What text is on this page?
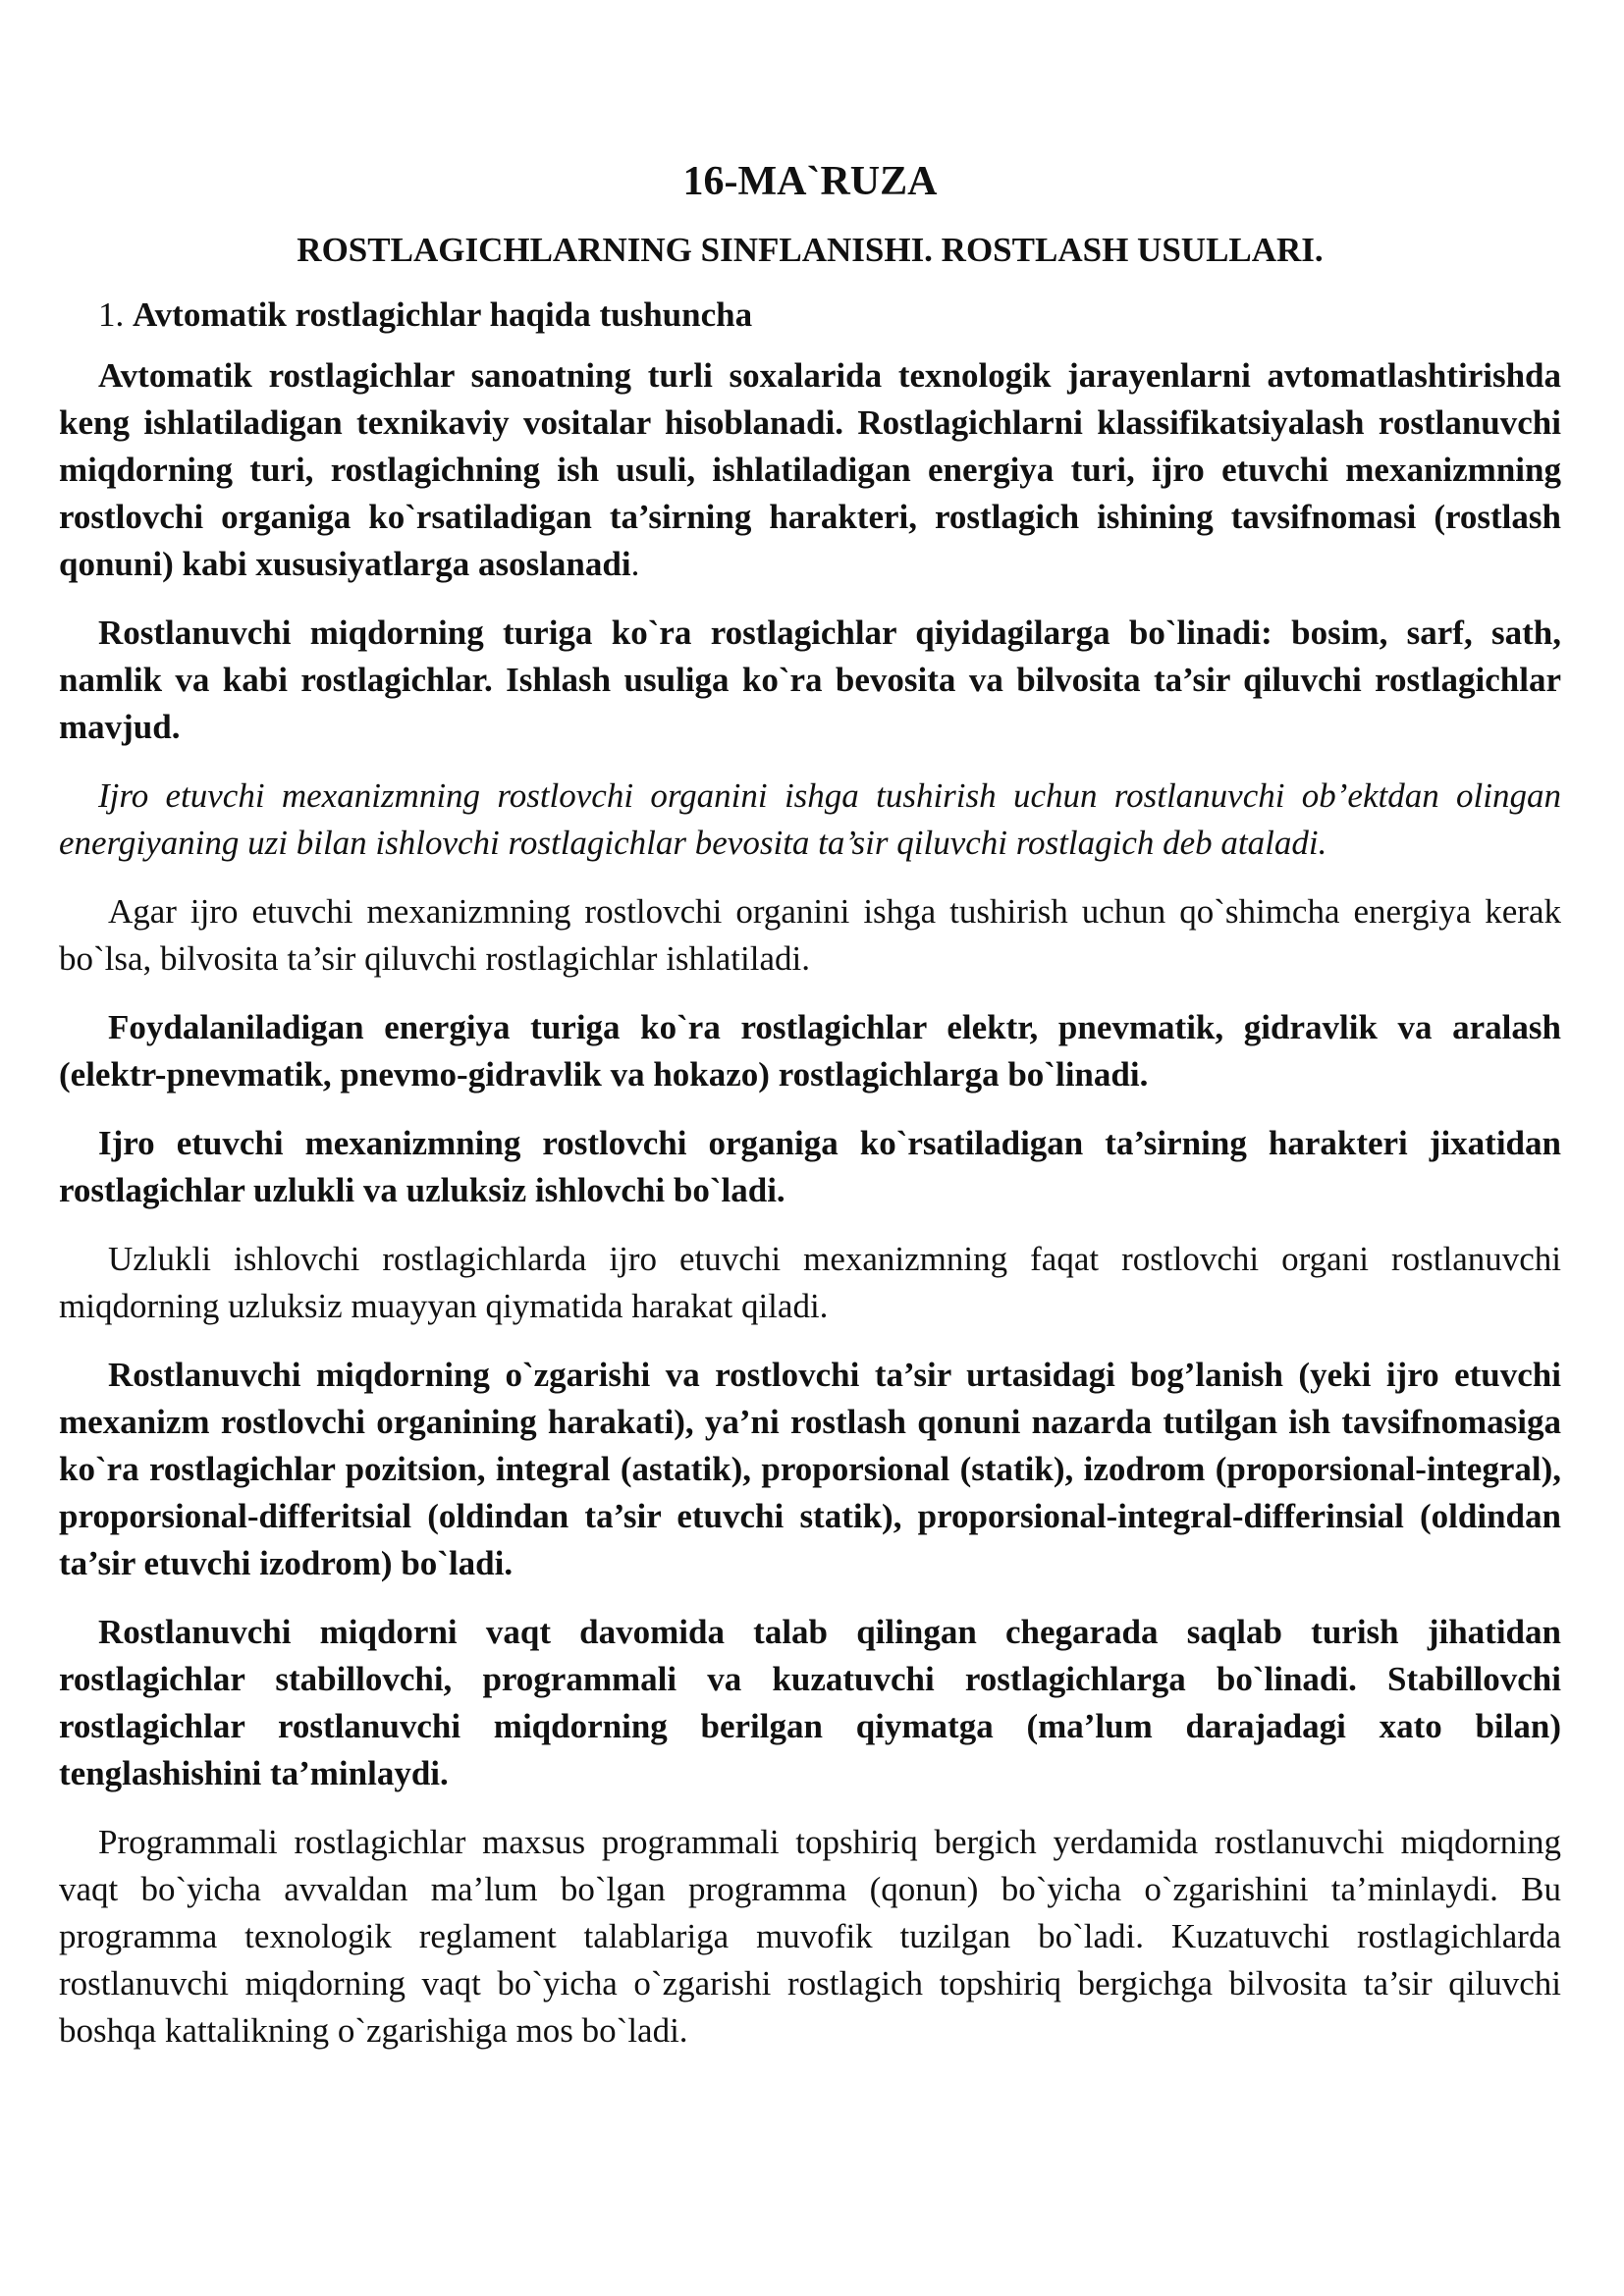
16-MA`RUZA
ROSTLAGICHLARNING SINFLANISHI. ROSTLASH USULLARI.
1. Avtomatik rostlagichlar haqida tushuncha

Avtomatik rostlagichlar sanoatning turli soxalarida texnologik jarayenlarni avtomatlashtirishda keng ishlatiladigan texnikaviy vositalar hisoblanadi. Rostlagichlarni klassifikatsiyalash rostlanuvchi miqdorning turi, rostlagichning ish usuli, ishlatiladigan energiya turi, ijro etuvchi mexanizmning rostlovchi organiga ko`rsatiladigan ta’sirning harakteri, rostlagich ishining tavsifnomasi (rostlash qonuni) kabi xususiyatlarga asoslanadi.

Rostlanuvchi miqdorning turiga ko`ra rostlagichlar qiyidagilarga bo`linadi: bosim, sarf, sath, namlik va kabi rostlagichlar. Ishlash usuliga ko`ra bevosita va bilvosita ta’sir qiluvchi rostlagichlar mavjud.

Ijro etuvchi mexanizmning rostlovchi organini ishga tushirish uchun rostlanuvchi ob’ektdan olingan energiyaning uzi bilan ishlovchi rostlagichlar bevosita ta’sir qiluvchi rostlagich deb ataladi.

Agar ijro etuvchi mexanizmning rostlovchi organini ishga tushirish uchun qo`shimcha energiya kerak bo`lsa, bilvosita ta’sir qiluvchi rostlagichlar ishlatiladi.

Foydalaniladigan energiya turiga ko`ra rostlagichlar elektr, pnevmatik, gidravlik va aralash (elektr-pnevmatik, pnevmo-gidravlik va hokazo) rostlagichlarga bo`linadi.

Ijro etuvchi mexanizmning rostlovchi organiga ko`rsatiladigan ta’sirning harakteri jixatidan rostlagichlar uzlukli va uzluksiz ishlovchi bo`ladi.

Uzlukli ishlovchi rostlagichlarda ijro etuvchi mexanizmning faqat rostlovchi organi rostlanuvchi miqdorning uzluksiz muayyan qiymatida harakat qiladi.

Rostlanuvchi miqdorning o`zgarishi va rostlovchi ta’sir urtasidagi bog’lanish (yeki ijro etuvchi mexanizm rostlovchi organining harakati), ya’ni rostlash qonuni nazarda tutilgan ish tavsifnomasiga ko`ra rostlagichlar pozitsion, integral (astatik), proporsional (statik), izodrom (proporsional-integral), proporsional-differitsial (oldindan ta’sir etuvchi statik), proporsional-integral-differinsial (oldindan ta’sir etuvchi izodrom) bo`ladi.

Rostlanuvchi miqdorni vaqt davomida talab qilingan chegarada saqlab turish jihatidan rostlagichlar stabillovchi, programmali va kuzatuvchi rostlagichlarga bo`linadi. Stabillovchi rostlagichlar rostlanuvchi miqdorning berilgan qiymatga (ma’lum darajadagi xato bilan) tenglashishini ta’minlaydi.

Programmali rostlagichlar maxsus programmali topshiriq bergich yerdamida rostlanuvchi miqdorning vaqt bo`yicha avvaldan ma’lum bo`lgan programma (qonun) bo`yicha o`zgarishini ta’minlaydi. Bu programma texnologik reglament talablariga muvofik tuzilgan bo`ladi. Kuzatuvchi rostlagichlarda rostlanuvchi miqdorning vaqt bo`yicha o`zgarishi rostlagich topshiriq bergichga bilvosita ta’sir qiluvchi boshqa kattalikning o`zgarishiga mos bo`ladi.
